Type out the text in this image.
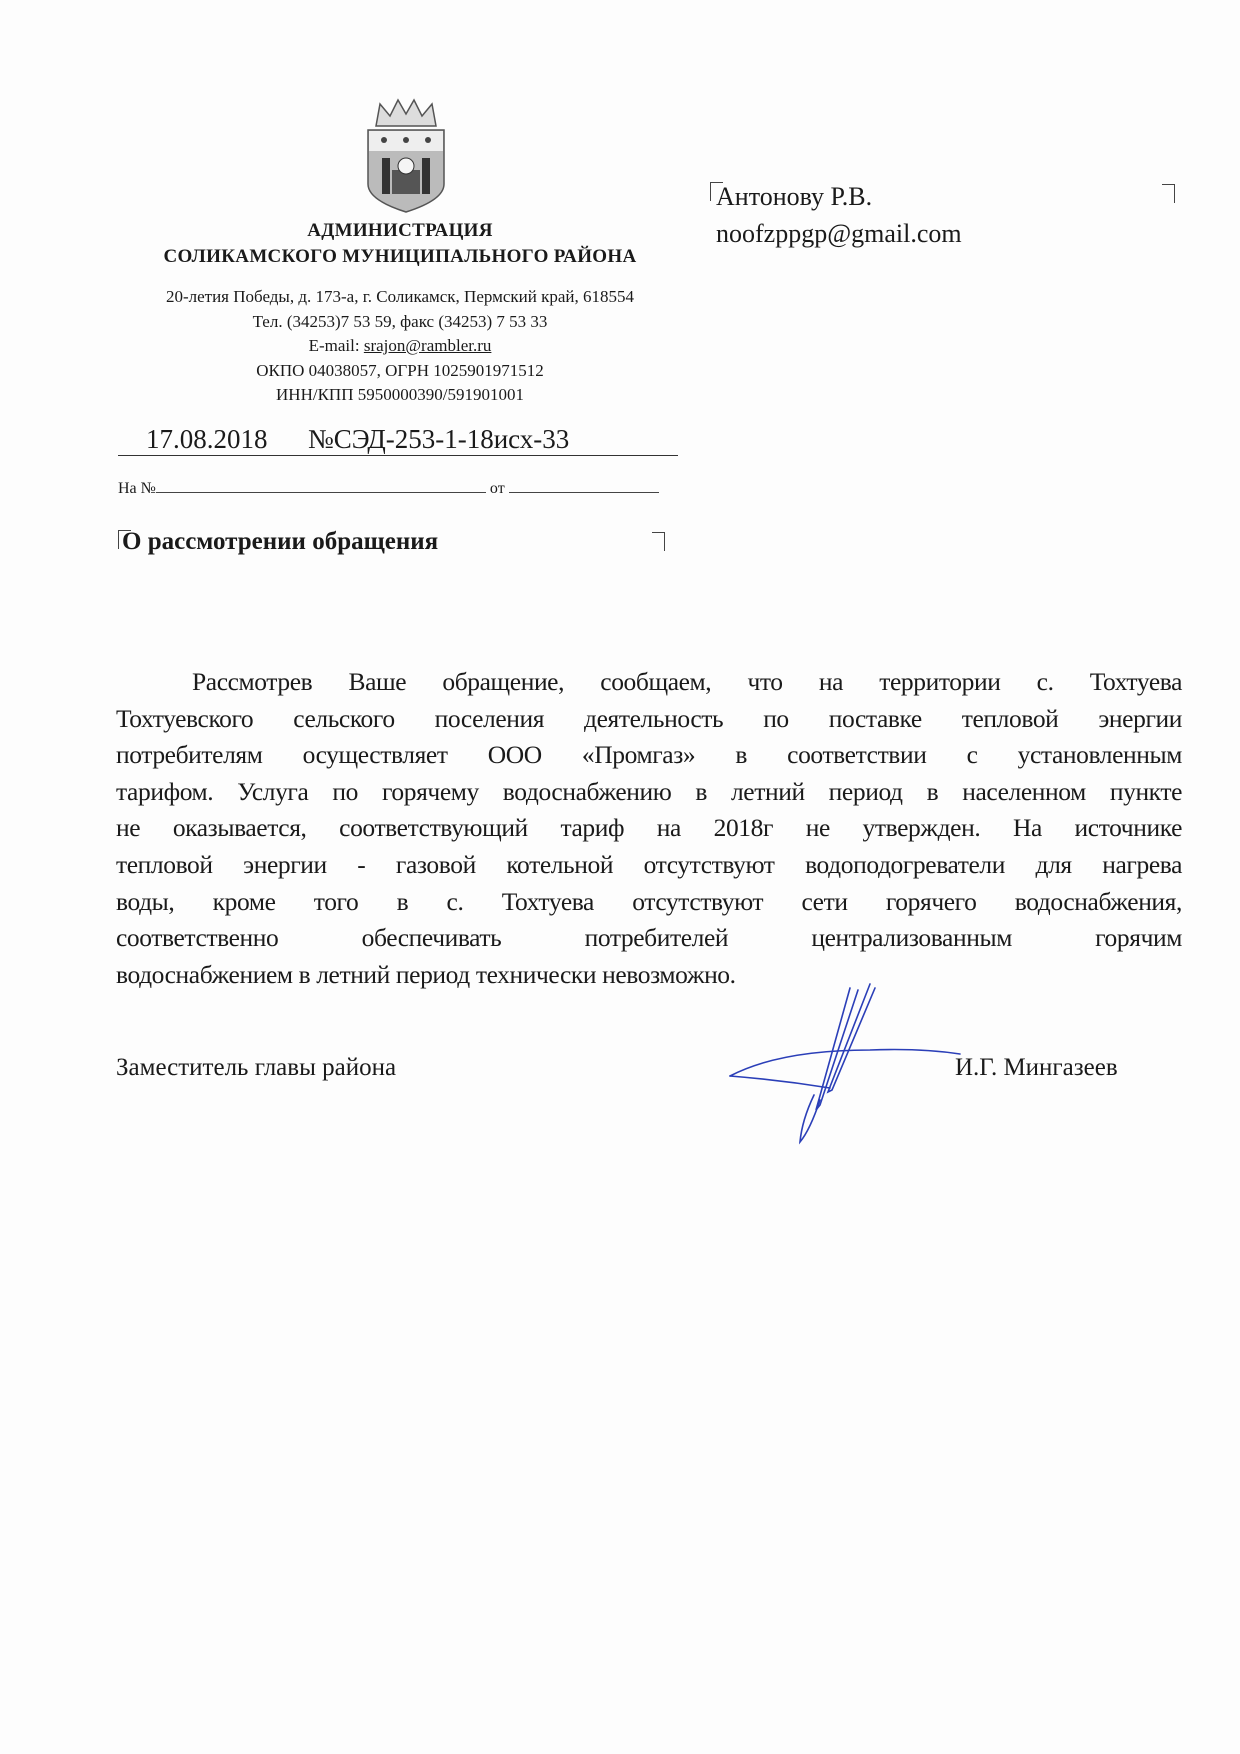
АДМИНИСТРАЦИЯ
СОЛИКАМСКОГО МУНИЦИПАЛЬНОГО РАЙОНА
20-летия Победы, д. 173-а, г. Соликамск, Пермский край, 618554
Тел. (34253)7 53 59, факс (34253) 7 53 33
E-mail: srajon@rambler.ru
ОКПО 04038057, ОГРН 1025901971512
ИНН/КПП 5950000390/591901001
17.08.2018	№СЭД-253-1-18исх-33
На №	от
О рассмотрении обращения
Антонову Р.В.
noofzppgp@gmail.com
Рассмотрев Ваше обращение, сообщаем, что на территории с. Тохтуева
Тохтуевского сельского поселения деятельность по поставке тепловой энергии
потребителям осуществляет ООО «Промгаз» в соответствии с установленным
тарифом. Услуга по горячему водоснабжению в летний период в населенном пункте
не оказывается, соответствующий тариф на 2018г не утвержден. На источнике
тепловой энергии - газовой котельной отсутствуют водоподогреватели для нагрева
воды, кроме того в с. Тохтуева отсутствуют сети горячего водоснабжения,
соответственно обеспечивать потребителей централизованным горячим
водоснабжением в летний период технически невозможно.
Заместитель главы района	И.Г. Мингазеев
